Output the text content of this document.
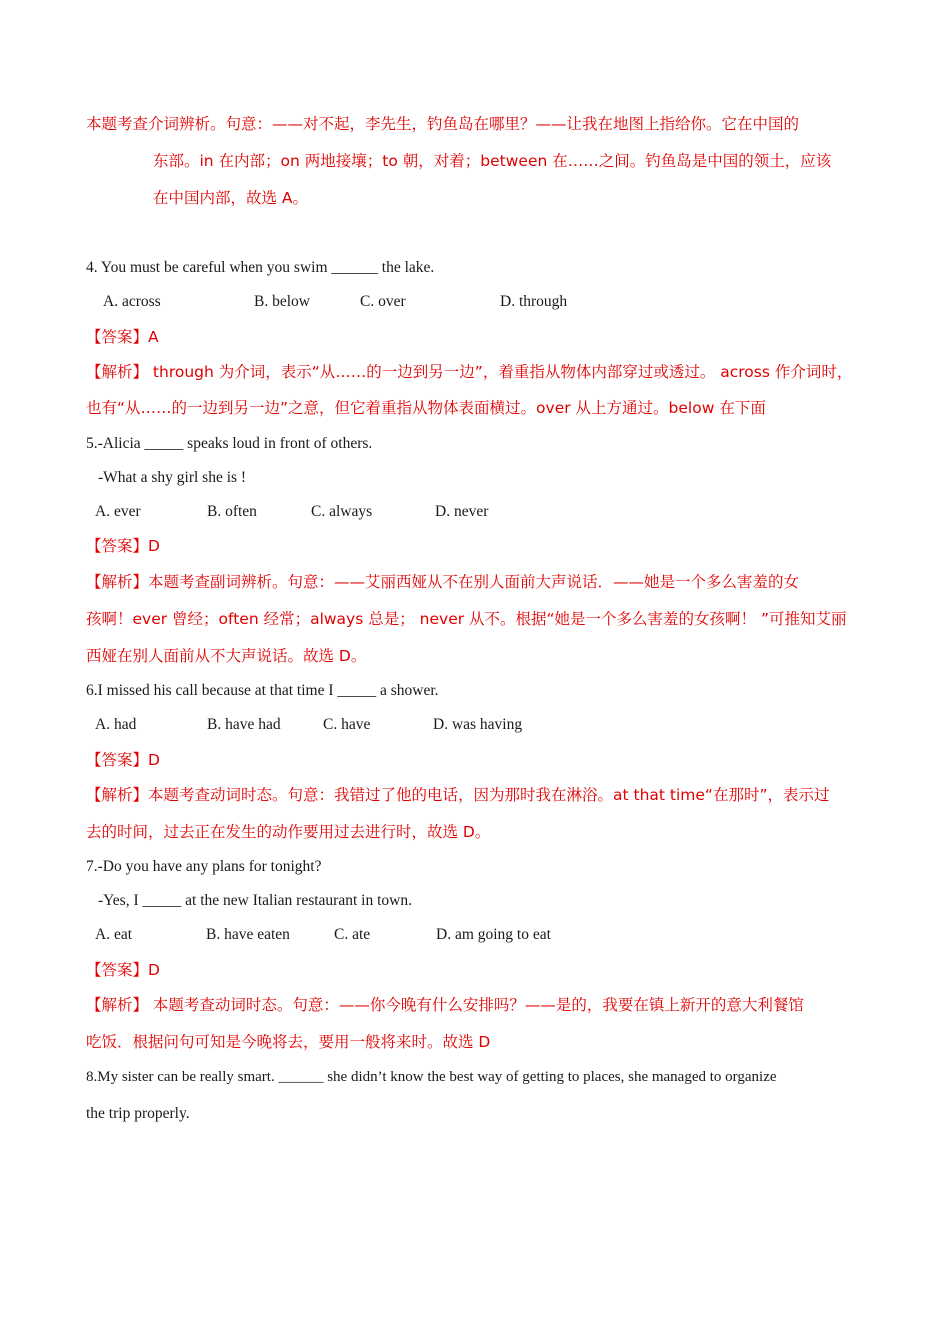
本题考查介词辨析。句意：——对不起，李先生，钓鱼岛在哪里？——让我在地图上指给你。它在中国的
东部。in 在内部；on 两地接壤；to 朝，对着；between 在……之间。钓鱼岛是中国的领土，应该
在中国内部，故选 A。
4. You must be careful when you swim ______ the lake.
A. across	B. below	C. over	D. through
【答案】A
【解析】 through 为介词，表示“从……的一边到另一边”，着重指从物体内部穿过或透过。 across 作介词时，
也有“从……的一边到另一边”之意，但它着重指从物体表面横过。over 从上方通过。below 在下面
5.-Alicia _____ speaks loud in front of others.
-What a shy girl she is !
A. ever	B. often	C. always	D. never
【答案】D
【解析】本题考查副词辨析。句意：——艾丽西娅从不在别人面前大声说话．——她是一个多么害羞的女
孩啊！ever 曾经；often 经常；always 总是； never 从不。根据“她是一个多么害羞的女孩啊！ ”可推知艾丽
西娅在别人面前从不大声说话。故选 D。
6.I missed his call because at that time I _____ a shower.
A. had	B. have had	C. have	D. was having
【答案】D
【解析】本题考查动词时态。句意：我错过了他的电话，因为那时我在淋浴。at that time“在那时”，表示过
去的时间，过去正在发生的动作要用过去进行时，故选 D。
7.-Do you have any plans for tonight?
-Yes, I _____ at the new Italian restaurant in town.
A. eat	B. have eaten	C. ate	D. am going to eat
【答案】D
【解析】 本题考查动词时态。句意：——你今晚有什么安排吗？——是的，我要在镇上新开的意大利餐馆
吃饭．根据问句可知是今晚将去，要用一般将来时。故选 D
8.My sister can be really smart. ______ she didn’t know the best way of getting to places, she managed to organize
the trip properly.
